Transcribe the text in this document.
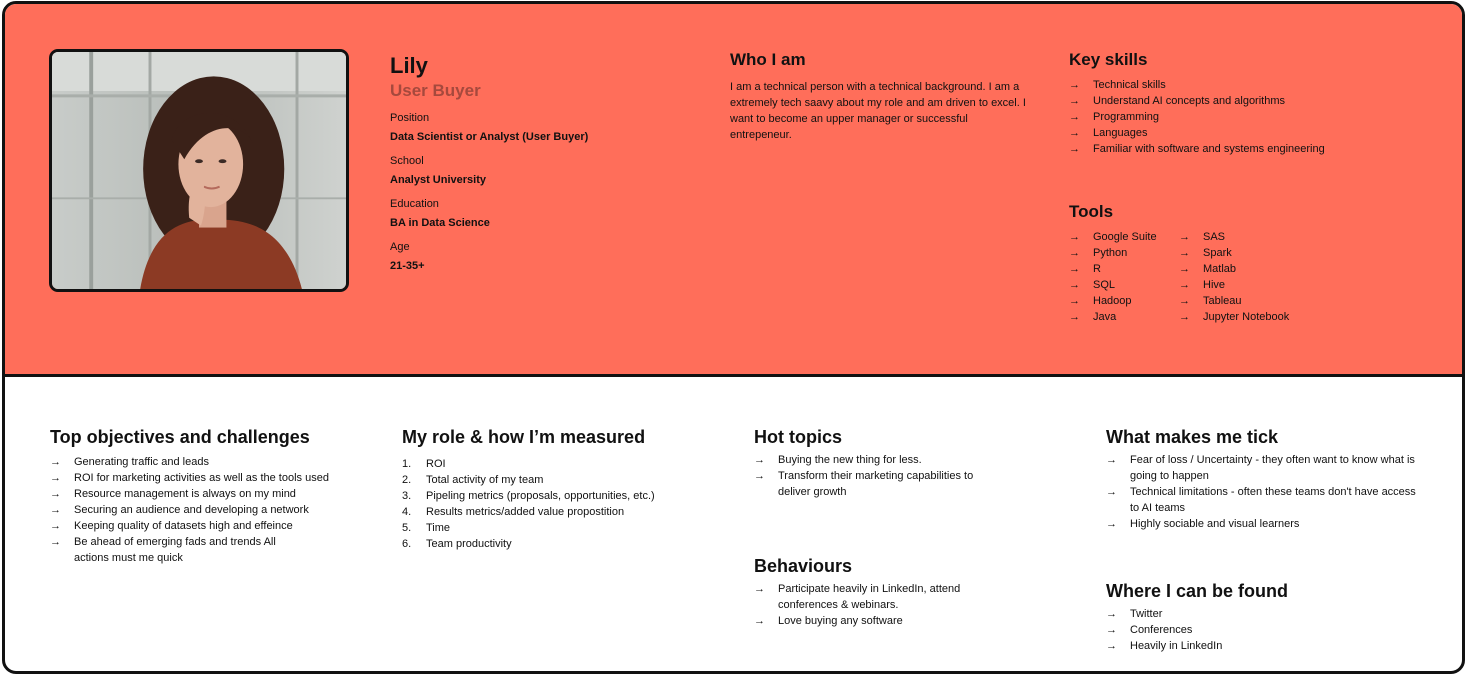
Lily
User Buyer
Position
Data Scientist or Analyst (User Buyer)
School
Analyst University
Education
BA in Data Science
Age
21-35+
Who I am
I am a technical person with a technical background. I am a extremely tech saavy about my role and am driven to excel. I want to become an upper manager or successful entrepeneur.
Key skills
→ Technical skills
→ Understand AI concepts and algorithms
→ Programming
→ Languages
→ Familiar with software and systems engineering
Tools
→ Google Suite
→ Python
→ R
→ SQL
→ Hadoop
→ Java
→ SAS
→ Spark
→ Matlab
→ Hive
→ Tableau
→ Jupyter Notebook
Top objectives and challenges
→ Generating traffic and leads
→ ROI for marketing activities as well as the tools used
→ Resource management is always on my mind
→ Securing an audience and developing a network
→ Keeping quality of datasets high and effeince
→ Be ahead of emerging fads and trends All actions must me quick
My role & how I’m measured
ROI
Total activity of my team
Pipeling metrics (proposals, opportunities, etc.)
Results metrics/added value propostition
Time
Team productivity
Hot topics
→ Buying the new thing for less.
→ Transform their marketing capabilities to deliver growth
Behaviours
→ Participate heavily in LinkedIn, attend conferences & webinars.
→ Love buying any software
What makes me tick
→ Fear of loss / Uncertainty - they often want to know what is going to happen
→ Technical limitations - often these teams don't have access to AI teams
→ Highly sociable and visual learners
Where I can be found
→ Twitter
→ Conferences
→ Heavily in LinkedIn
